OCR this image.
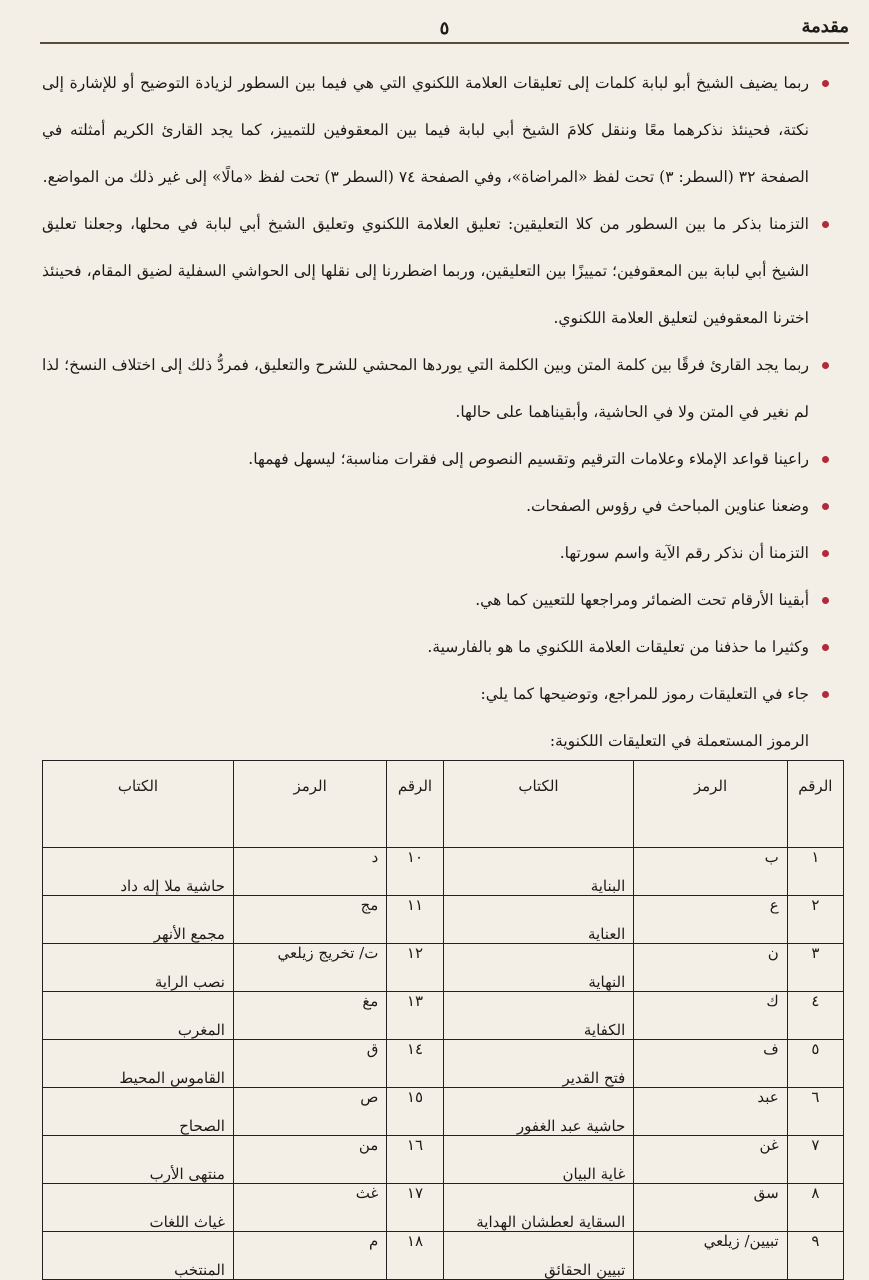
مقدمة
٥
ربما يضيف الشيخ أبو لبابة كلمات إلى تعليقات العلامة اللكنوي التي هي فيما بين السطور لزيادة التوضيح أو للإشارة إلى نكتة، فحينئذ نذكرهما معًا وننقل كلامَ الشيخ أبي لبابة فيما بين المعقوفين للتمييز، كما يجد القارئ الكريم أمثلته في الصفحة ٣٢ (السطر: ٣) تحت لفظ «المراضاة»، وفي الصفحة ٧٤ (السطر ٣) تحت لفظ «مالًا» إلى غير ذلك من المواضع.
التزمنا بذكر ما بين السطور من كلا التعليقين: تعليق العلامة اللكنوي وتعليق الشيخ أبي لبابة في محلها، وجعلنا تعليق الشيخ أبي لبابة بين المعقوفين؛ تمييزًا بين التعليقين، وربما اضطررنا إلى نقلها إلى الحواشي السفلية لضيق المقام، فحينئذ اخترنا المعقوفين لتعليق العلامة اللكنوي.
ربما يجد القارئ فرقًا بين كلمة المتن وبين الكلمة التي يوردها المحشي للشرح والتعليق، فمردُّ ذلك إلى اختلاف النسخ؛ لذا لم نغير في المتن ولا في الحاشية، وأبقيناهما على حالها.
راعينا قواعد الإملاء وعلامات الترقيم وتقسيم النصوص إلى فقرات مناسبة؛ ليسهل فهمها.
وضعنا عناوين المباحث في رؤوس الصفحات.
التزمنا أن نذكر رقم الآية واسم سورتها.
أبقينا الأرقام تحت الضمائر ومراجعها للتعيين كما هي.
وكثيرا ما حذفنا من تعليقات العلامة اللكنوي ما هو بالفارسية.
جاء في التعليقات رموز للمراجع، وتوضيحها كما يلي:
الرموز المستعملة في التعليقات اللكنوية:
الرقم	الرمز	الكتاب	الرقم	الرمز	الكتاب
١	ب	البناية	١٠	د	حاشية ملا إله داد
٢	ع	العناية	١١	مج	مجمع الأنهر
٣	ن	النهاية	١٢	ت/ تخريج زيلعي	نصب الراية
٤	ك	الكفاية	١٣	مغ	المغرب
٥	ف	فتح القدير	١٤	ق	القاموس المحيط
٦	عبد	حاشية عبد الغفور	١٥	ص	الصحاح
٧	غن	غاية البيان	١٦	من	منتهى الأرب
٨	سق	السقاية لعطشان الهداية	١٧	غث	غياث اللغات
٩	تبيين/ زيلعي	تبيين الحقائق	١٨	م	المنتخب
